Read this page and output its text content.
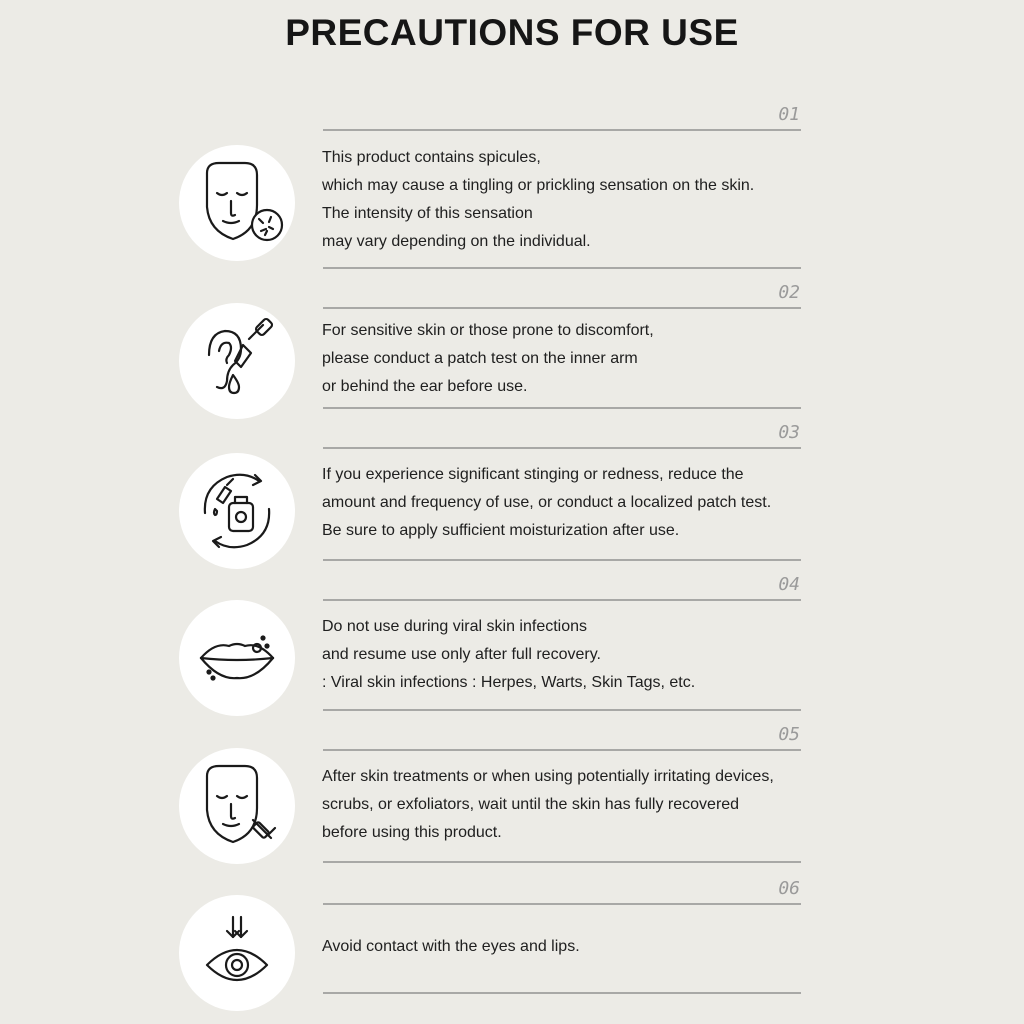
PRECAUTIONS FOR USE
01
This product contains spicules,
which may cause a tingling or prickling sensation on the skin.
The intensity of this sensation
may vary depending on the individual.
02
For sensitive skin or those prone to discomfort,
please conduct a patch test on the inner arm
or behind the ear before use.
03
If you experience significant stinging or redness, reduce the
amount and frequency of use, or conduct a localized patch test.
Be sure to apply sufficient moisturization after use.
04
Do not use during viral skin infections
and resume use only after full recovery.
: Viral skin infections : Herpes, Warts, Skin Tags, etc.
05
After skin treatments or when using potentially irritating devices,
scrubs, or exfoliators, wait until the skin has fully recovered
before using this product.
06
Avoid contact with the eyes and lips.
